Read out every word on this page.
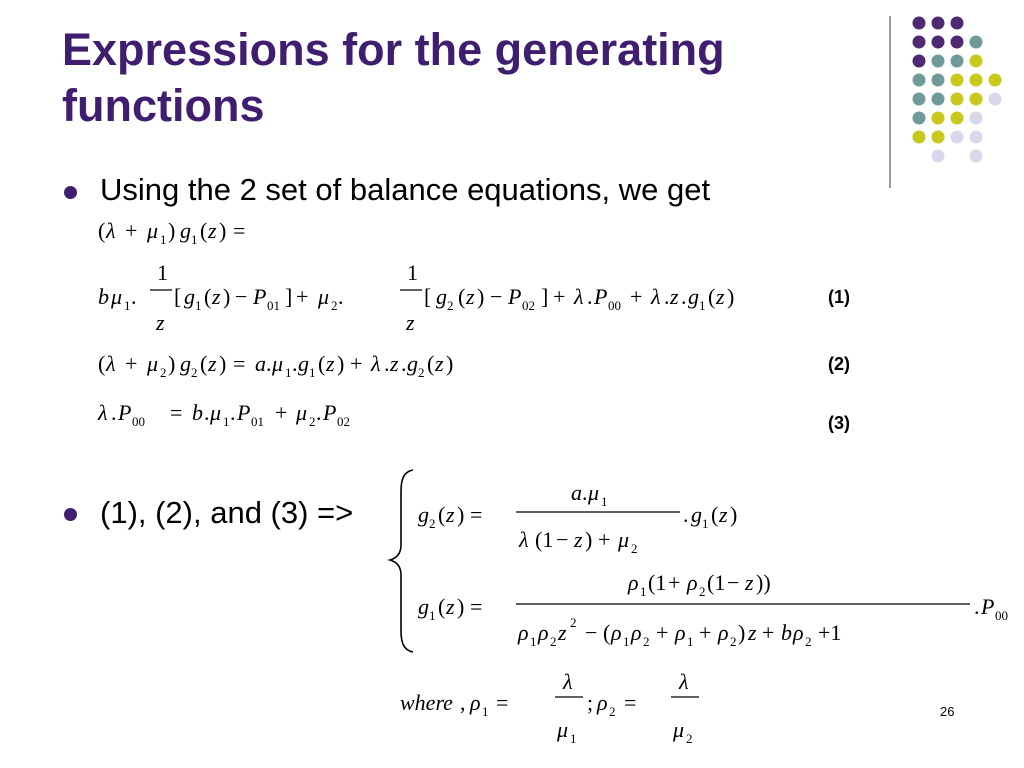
Expressions for the generating functions
Using the 2 set of balance equations, we get
(1), (2), and (3) =>
(1)
(2)
(3)
( λ + μ 1 ) g 1 ( z ) =
b μ 1 .
1
z
[ g 1 ( z ) − P 01 ] + μ 2 .
1
z
[ g 2 ( z ) − P 02 ] + λ . P 00 + λ . z . g 1 ( z )
( λ + μ 2 ) g 2 ( z ) = a . μ 1 . g 1 ( z ) + λ . z . g 2 ( z )
λ . P 00 = b . μ 1 . P 01 + μ 2 . P 02
g 2 ( z ) =
a . μ 1
λ (1 − z ) + μ 2
. g 1 ( z )
g 1 ( z ) =
ρ 1 (1 + ρ 2 (1 − z ))
ρ 1 ρ 2 z 2 − ( ρ 1 ρ 2 + ρ 1 + ρ 2 ) z + b ρ 2 +1
. P 00
where , ρ 1 =
λ
μ 1
; ρ 2 =
λ
μ 2
26
